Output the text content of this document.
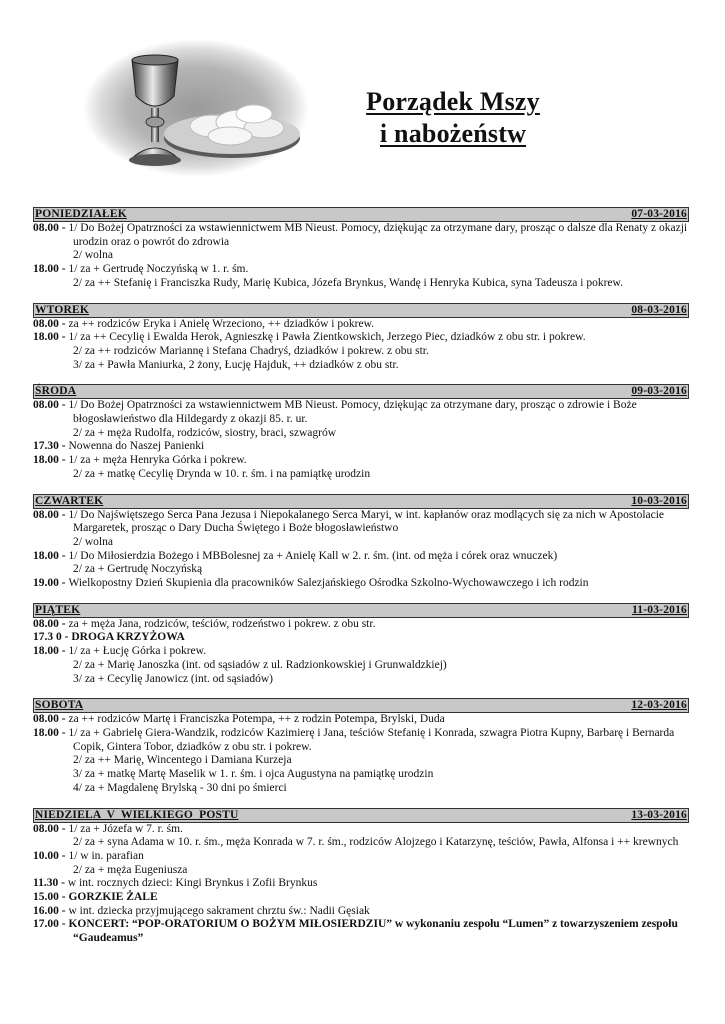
Porządek Mszy
i nabożeństw
PONIEDZIAŁEK	07-03-2016
08.00 - 1/ Do Bożej Opatrzności za wstawiennictwem MB Nieust. Pomocy, dziękując za otrzymane dary, prosząc o dalsze dla Renaty z okazji urodzin oraz o powrót do zdrowia
2/ wolna
18.00 - 1/ za + Gertrudę Noczyńską w 1. r. śm.
2/ za ++ Stefanię i Franciszka Rudy, Marię Kubica, Józefa Brynkus, Wandę i Henryka Kubica, syna Tadeusza i pokrew.
WTOREK	08-03-2016
08.00 - za ++ rodziców Eryka i Anielę Wrzeciono, ++ dziadków i pokrew.
18.00 - 1/ za ++ Cecylię i Ewalda Herok, Agnieszkę i Pawła Zientkowskich, Jerzego Piec, dziadków z obu str. i pokrew.
2/ za ++ rodziców Mariannę i Stefana Chadryś, dziadków i pokrew. z obu str.
3/ za + Pawła Maniurka, 2 żony, Łucję Hajduk, ++ dziadków z obu str.
ŚRODA	09-03-2016
08.00 - 1/ Do Bożej Opatrzności za wstawiennictwem MB Nieust. Pomocy, dziękując za otrzymane dary, prosząc o zdrowie i Boże błogosławieństwo dla Hildegardy z okazji 85. r. ur.
2/ za + męża Rudolfa, rodziców, siostry, braci, szwagrów
17.30 - Nowenna do Naszej Panienki
18.00 - 1/ za + męża Henryka Górka i pokrew.
2/ za + matkę Cecylię Drynda w 10. r. śm. i na pamiątkę urodzin
CZWARTEK	10-03-2016
08.00 - 1/ Do Najświętszego Serca Pana Jezusa i Niepokalanego Serca Maryi, w int. kapłanów oraz modlących się za nich w Apostolacie Margaretek, prosząc o Dary Ducha Świętego i Boże błogosławieństwo
2/ wolna
18.00 - 1/ Do Miłosierdzia Bożego i MBBolesnej za + Anielę Kall w 2. r. śm. (int. od męża i córek oraz wnuczek)
2/ za + Gertrudę Noczyńską
19.00 - Wielkopostny Dzień Skupienia dla pracowników Salezjańskiego Ośrodka Szkolno-Wychowawczego i ich rodzin
PIĄTEK	11-03-2016
08.00 - za + męża Jana, rodziców, teściów, rodzeństwo i pokrew. z obu str.
17.3 0 - DROGA KRZYŻOWA
18.00 - 1/ za + Łucję Górka i pokrew.
2/ za + Marię Janoszka (int. od sąsiadów z ul. Radzionkowskiej i Grunwaldzkiej)
3/ za + Cecylię Janowicz (int. od sąsiadów)
SOBOTA	12-03-2016
08.00 - za ++ rodziców Martę i Franciszka Potempa, ++ z rodzin Potempa, Brylski, Duda
18.00 - 1/ za + Gabrielę Giera-Wandzik, rodziców Kazimierę i Jana, teściów Stefanię i Konrada, szwagra Piotra Kupny, Barbarę i Bernarda Copik, Gintera Tobor, dziadków z obu str. i pokrew.
2/ za ++ Marię, Wincentego i Damiana Kurzeja
3/ za + matkę Martę Maselik w 1. r. śm. i ojca Augustyna na pamiątkę urodzin
4/ za + Magdalenę Brylską - 30 dni po śmierci
NIEDZIELA  V  WIELKIEGO  POSTU	13-03-2016
08.00 - 1/ za + Józefa w 7. r. śm.
2/ za + syna Adama w 10. r. śm., męża Konrada w 7. r. śm., rodziców Alojzego i Katarzynę, teściów, Pawła, Alfonsa i ++ krewnych
10.00 - 1/ w in. parafian
2/ za + męża Eugeniusza
11.30 - w int. rocznych dzieci: Kingi Brynkus i Zofii Brynkus
15.00 - GORZKIE ŻALE
16.00 - w int. dziecka przyjmującego sakrament chrztu św.: Nadii Gęsiak
17.00 - KONCERT: “POP-ORATORIUM O BOŻYM MIŁOSIERDZIU” w wykonaniu zespołu “Lumen” z towarzyszeniem zespołu “Gaudeamus”
